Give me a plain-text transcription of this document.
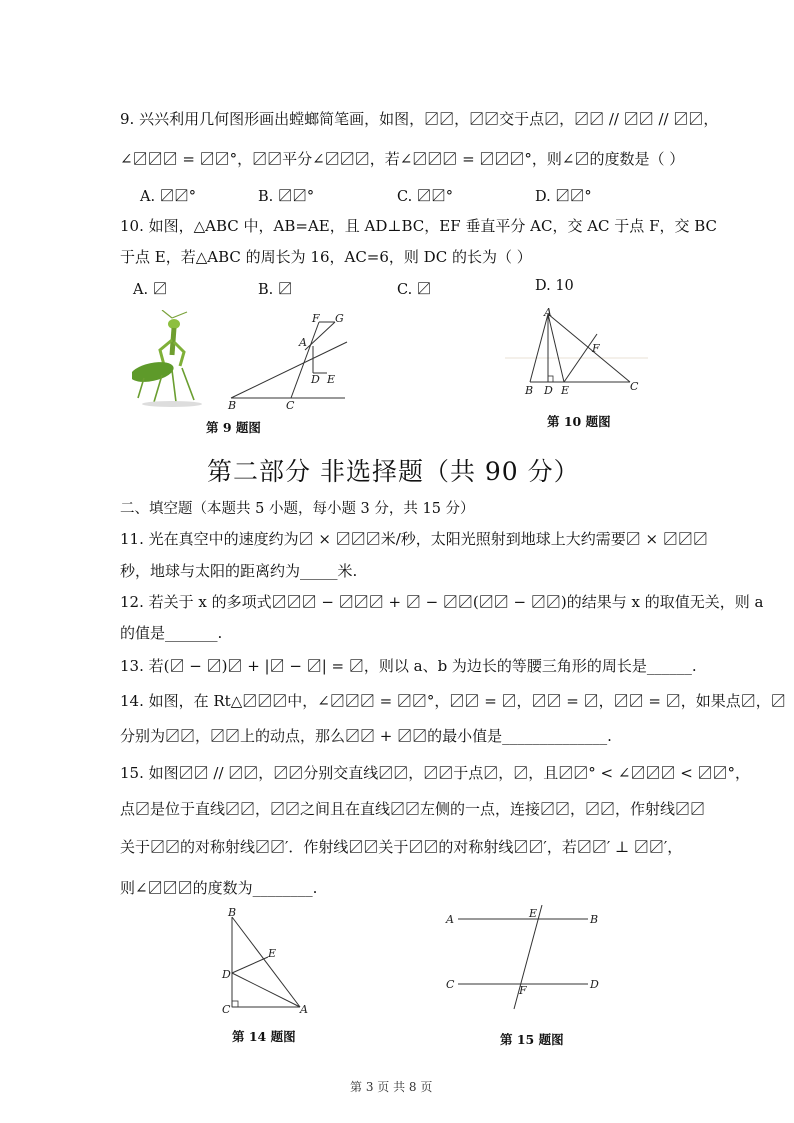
9. 兴兴利用几何图形画出螳螂简笔画，如图，〼〼，〼〼交于点〼，〼〼 // 〼〼 // 〼〼，
∠〼〼〼 = 〼〼°，〼〼平分∠〼〼〼，若∠〼〼〼 = 〼〼〼°，则∠〼的度数是（ ）
A. 〼〼°	B. 〼〼°	C. 〼〼°	D. 〼〼°
10. 如图，△ABC 中，AB=AE，且 AD⊥BC，EF 垂直平分 AC，交 AC 于点 F，交 BC
于点 E，若△ABC 的周长为 16，AC=6，则 DC 的长为（ ）
A. 〼	B. 〼	C. 〼	D. 10
F G
A
D E
B	C
第 9 题图
A
F
B D E	C
第 10 题图
第二部分 非选择题（共 90 分）
二、填空题（本题共 5 小题，每小题 3 分，共 15 分）
11. 光在真空中的速度约为〼 × 〼〼〼米/秒，太阳光照射到地球上大约需要〼 × 〼〼〼
秒，地球与太阳的距离约为_____米.
12. 若关于 x 的多项式〼〼〼 − 〼〼〼 + 〼 − 〼〼(〼〼 − 〼〼)的结果与 x 的取值无关，则 a
的值是_______.
13. 若(〼 − 〼)〼 + |〼 − 〼| = 〼，则以 a、b 为边长的等腰三角形的周长是______.
14. 如图，在 Rt△〼〼〼中，∠〼〼〼 = 〼〼°，〼〼 = 〼，〼〼 = 〼，〼〼 = 〼，如果点〼，〼
分别为〼〼，〼〼上的动点，那么〼〼 + 〼〼的最小值是______________.
15. 如图〼〼 // 〼〼，〼〼分别交直线〼〼，〼〼于点〼，〼，且〼〼° < ∠〼〼〼 < 〼〼°，
点〼是位于直线〼〼，〼〼之间且在直线〼〼左侧的一点，连接〼〼，〼〼，作射线〼〼
关于〼〼的对称射线〼〼′．作射线〼〼关于〼〼的对称射线〼〼′，若〼〼′ ⊥ 〼〼′，
则∠〼〼〼的度数为________.
B
E
D
C	A
第 14 题图
A	E	B
C	F	D
第 15 题图
第 3 页 共 8 页
